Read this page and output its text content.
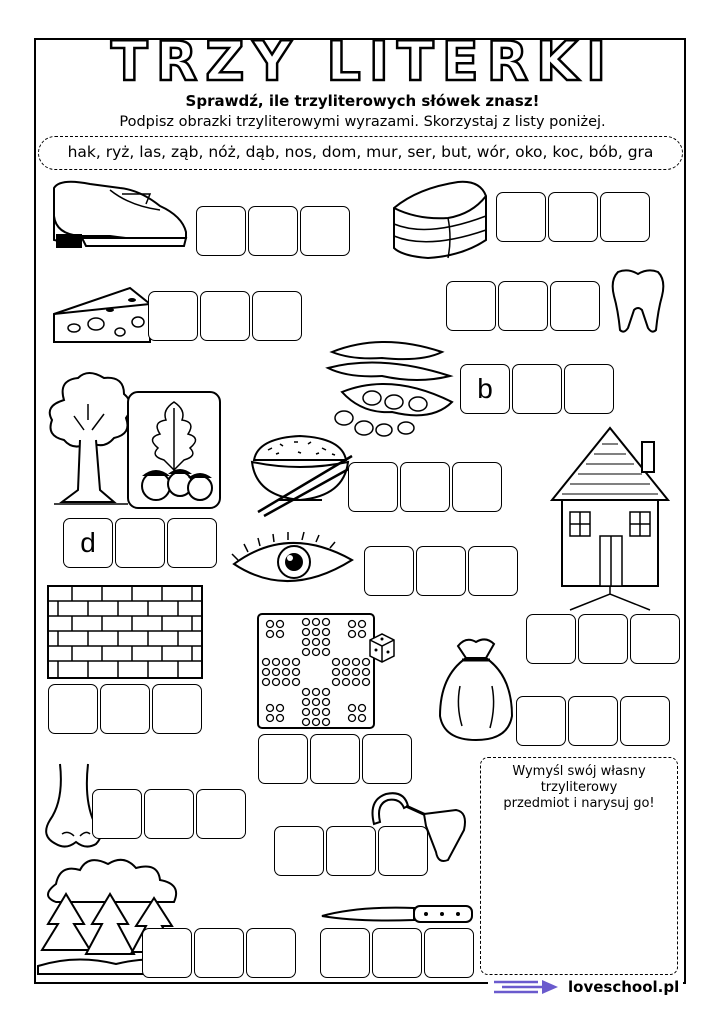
TRZY LITERKI
Sprawdź, ile trzyliterowych słówek znasz!
Podpisz obrazki trzyliterowymi wyrazami. Skorzystaj z listy poniżej.
hak, ryż, las, ząb, nóż, dąb, nos, dom, mur, ser, but, wór, oko, koc, bób, gra
b
d
Wymyśl swój własny
trzyliterowy
przedmiot i narysuj go!
loveschool.pl
